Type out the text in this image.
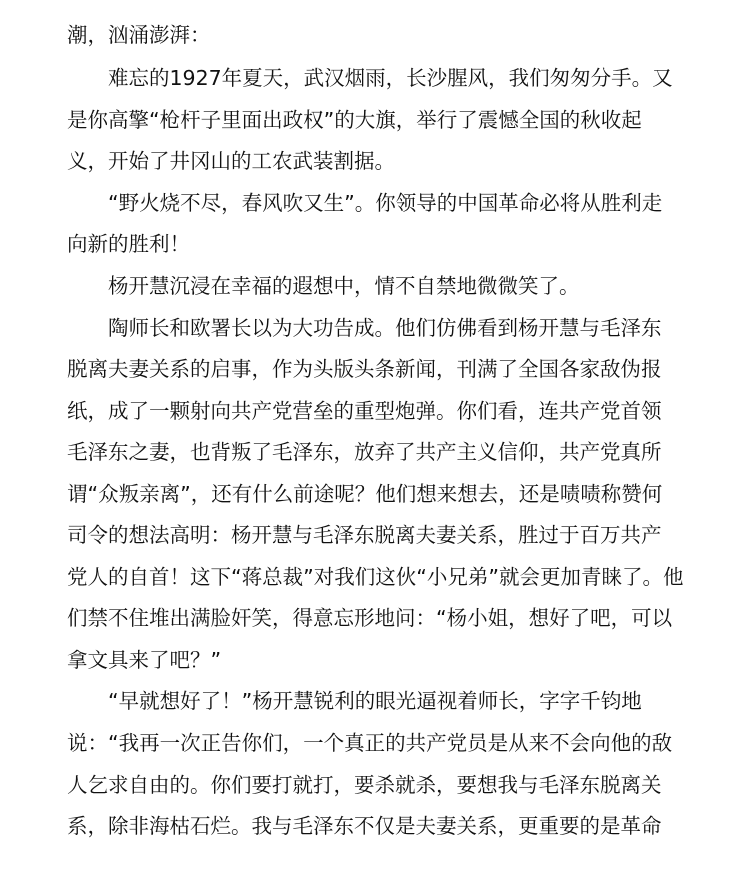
潮，汹涌澎湃：
难忘的1927年夏天，武汉烟雨，长沙腥风，我们匆匆分手。又
是你高擎“枪杆子里面出政权”的大旗，举行了震憾全国的秋收起
义，开始了井冈山的工农武装割据。
“野火烧不尽，春风吹又生”。你领导的中国革命必将从胜利走
向新的胜利！
杨开慧沉浸在幸福的遐想中，情不自禁地微微笑了。
陶师长和欧署长以为大功告成。他们仿佛看到杨开慧与毛泽东
脱离夫妻关系的启事，作为头版头条新闻，刊满了全国各家敌伪报
纸，成了一颗射向共产党营垒的重型炮弹。你们看，连共产党首领
毛泽东之妻，也背叛了毛泽东，放弃了共产主义信仰，共产党真所
谓“众叛亲离”，还有什么前途呢？他们想来想去，还是啧啧称赞何
司令的想法高明：杨开慧与毛泽东脱离夫妻关系，胜过于百万共产
党人的自首！这下“蒋总裁”对我们这伙“小兄弟”就会更加青睐了。他
们禁不住堆出满脸奸笑，得意忘形地问：“杨小姐，想好了吧，可以
拿文具来了吧？”
“早就想好了！”杨开慧锐利的眼光逼视着师长，字字千钧地
说：“我再一次正告你们，一个真正的共产党员是从来不会向他的敌
人乞求自由的。你们要打就打，要杀就杀，要想我与毛泽东脱离关
系，除非海枯石烂。我与毛泽东不仅是夫妻关系，更重要的是革命
